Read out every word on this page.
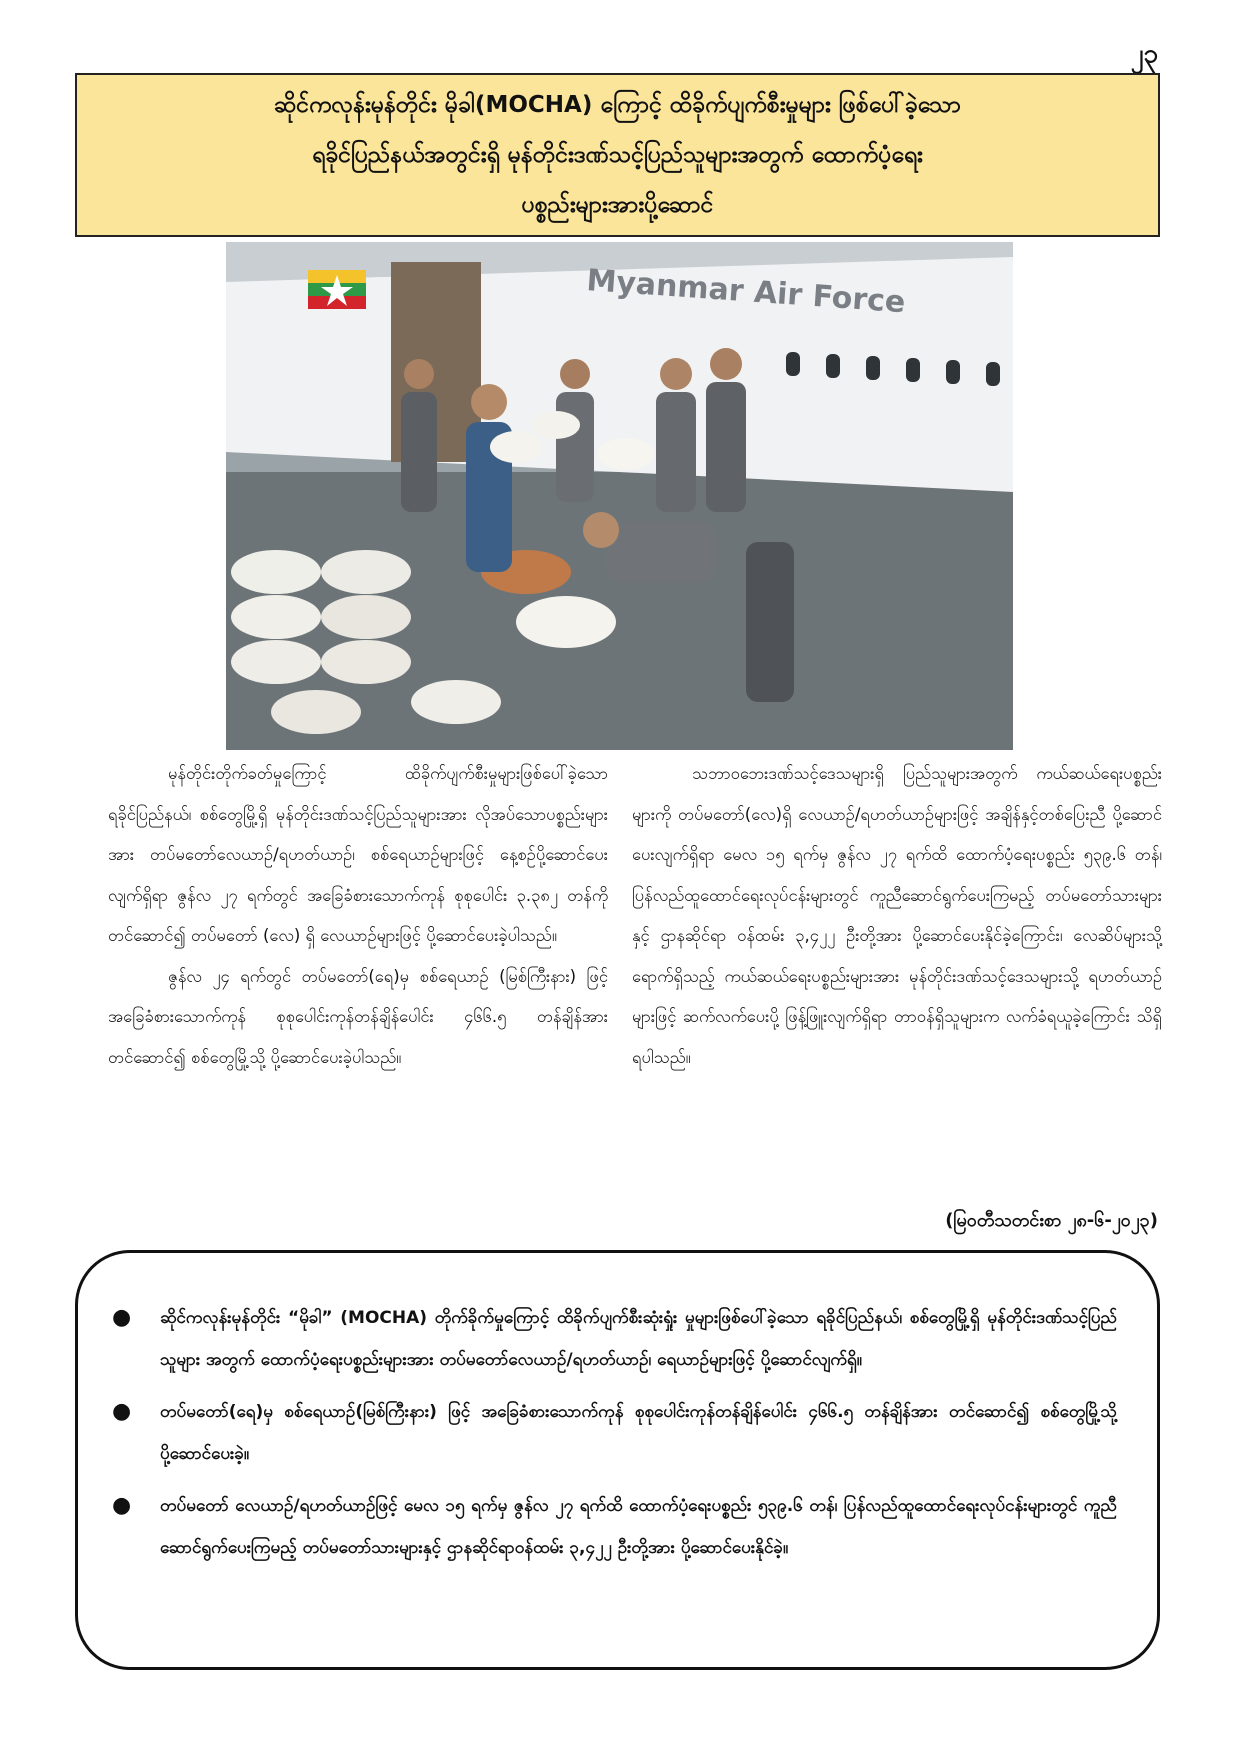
၂၃
ဆိုင်ကလုန်းမုန်တိုင်း မိုခါ(MOCHA) ကြောင့် ထိခိုက်ပျက်စီးမှုများ ဖြစ်ပေါ်ခဲ့သော
ရခိုင်ပြည်နယ်အတွင်းရှိ မုန်တိုင်းဒဏ်သင့်ပြည်သူများအတွက် ထောက်ပံ့ရေး
ပစ္စည်းများအားပို့ဆောင်
Myanmar Air Force

မုန်တိုင်းတိုက်ခတ်မှုကြောင့် ထိခိုက်ပျက်စီးမှုများဖြစ်ပေါ်ခဲ့သော ရခိုင်ပြည်နယ်၊ စစ်တွေမြို့ရှိ မုန်တိုင်းဒဏ်သင့်ပြည်သူများအား လိုအပ်သောပစ္စည်းများအား တပ်မတော်လေယာဉ်/ရဟတ်ယာဉ်၊ စစ်ရေယာဉ်များဖြင့် နေ့စဉ်ပို့ဆောင်ပေးလျက်ရှိရာ ဇွန်လ ၂၇ ရက်တွင် အခြေခံစားသောက်ကုန် စုစုပေါင်း ၃.၃၈၂ တန်ကိုတင်ဆောင်၍ တပ်မတော် (လေ) ရှိ လေယာဉ်များဖြင့် ပို့ဆောင်ပေးခဲ့ပါသည်။

ဇွန်လ ၂၄ ရက်တွင် တပ်မတော်(ရေ)မှ စစ်ရေယာဉ် (မြစ်ကြီးနား) ဖြင့် အခြေခံစားသောက်ကုန် စုစုပေါင်းကုန်တန်ချိန်ပေါင်း ၄၆၆.၅ တန်ချိန်အား တင်ဆောင်၍ စစ်တွေမြို့သို့ ပို့ဆောင်ပေးခဲ့ပါသည်။

သဘာဝဘေးဒဏ်သင့်ဒေသများရှိ ပြည်သူများအတွက် ကယ်ဆယ်ရေးပစ္စည်း များကို တပ်မတော်(လေ)ရှိ လေယာဉ်/ရဟတ်ယာဉ်များဖြင့် အချိန်နှင့်တစ်ပြေးညီ ပို့ဆောင်ပေးလျက်ရှိရာ မေလ ၁၅ ရက်မှ ဇွန်လ ၂၇ ရက်ထိ ထောက်ပံ့ရေးပစ္စည်း ၅၃၉.၆ တန်၊ ပြန်လည်ထူထောင်ရေးလုပ်ငန်းများတွင် ကူညီဆောင်ရွက်ပေးကြမည့် တပ်မတော်သားများနှင့် ဌာနဆိုင်ရာ ဝန်ထမ်း ၃,၄၂၂ ဦးတို့အား ပို့ဆောင်ပေးနိုင်ခဲ့ကြောင်း၊ လေဆိပ်များသို့ရောက်ရှိသည့် ကယ်ဆယ်ရေးပစ္စည်းများအား မုန်တိုင်းဒဏ်သင့်ဒေသများသို့ ရဟတ်ယာဉ်များဖြင့် ဆက်လက်ပေးပို့ ဖြန့်ဖြူးလျက်ရှိရာ တာဝန်ရှိသူများက လက်ခံရယူခဲ့ကြောင်း သိရှိရပါသည်။

(မြဝတီသတင်းစာ ၂၈-၆-၂၀၂၃)
● ဆိုင်ကလုန်းမုန်တိုင်း “မိုခါ” (MOCHA) တိုက်ခိုက်မှုကြောင့် ထိခိုက်ပျက်စီးဆုံးရှုံး မှုများဖြစ်ပေါ်ခဲ့သော ရခိုင်ပြည်နယ်၊ စစ်တွေမြို့ရှိ မုန်တိုင်းဒဏ်သင့်ပြည်သူများ အတွက် ထောက်ပံ့ရေးပစ္စည်းများအား တပ်မတော်လေယာဉ်/ရဟတ်ယာဉ်၊ ရေယာဉ်များဖြင့် ပို့ဆောင်လျက်ရှိ။
● တပ်မတော်(ရေ)မှ စစ်ရေယာဉ်(မြစ်ကြီးနား) ဖြင့် အခြေခံစားသောက်ကုန် စုစုပေါင်းကုန်တန်ချိန်ပေါင်း ၄၆၆.၅ တန်ချိန်အား တင်ဆောင်၍ စစ်တွေမြို့သို့ ပို့ဆောင်ပေးခဲ့။
● တပ်မတော် လေယာဉ်/ရဟတ်ယာဉ်ဖြင့် မေလ ၁၅ ရက်မှ ဇွန်လ ၂၇ ရက်ထိ ထောက်ပံ့ရေးပစ္စည်း ၅၃၉.၆ တန်၊ ပြန်လည်ထူထောင်ရေးလုပ်ငန်းများတွင် ကူညီဆောင်ရွက်ပေးကြမည့် တပ်မတော်သားများနှင့် ဌာနဆိုင်ရာဝန်ထမ်း ၃,၄၂၂ ဦးတို့အား ပို့ဆောင်ပေးနိုင်ခဲ့။
